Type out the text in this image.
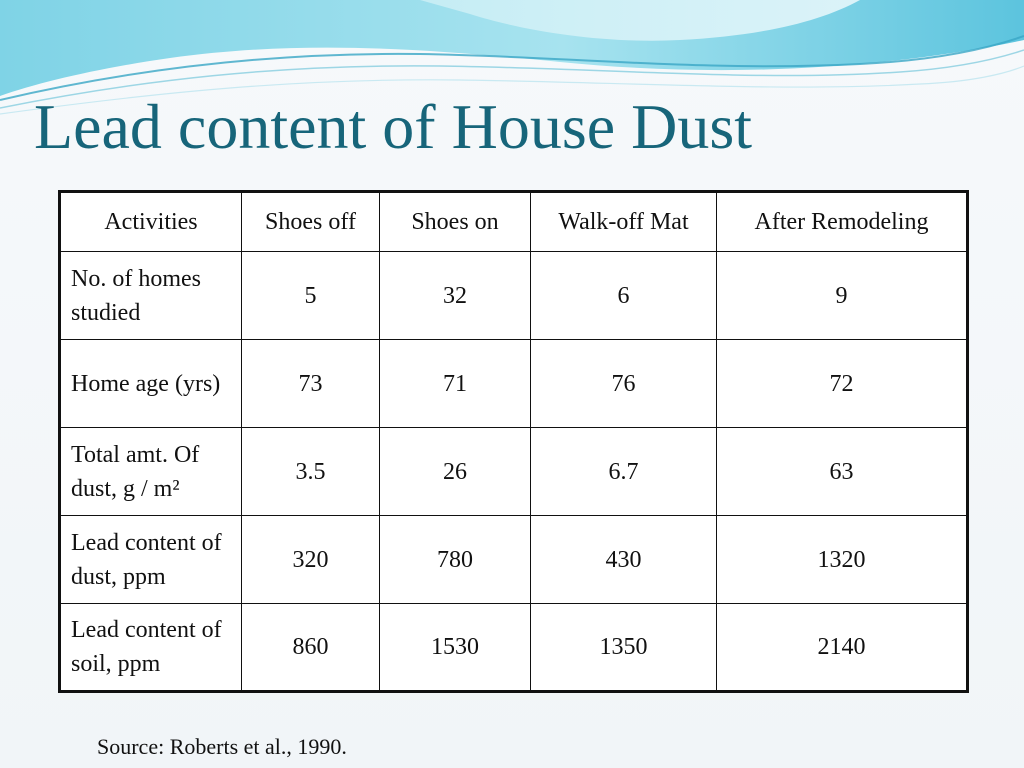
Lead content of House Dust
Activities	Shoes off	Shoes on	Walk-off Mat	After Remodeling
No. of homes studied	5	32	6	9
Home age (yrs)	73	71	76	72
Total amt. Of dust, g / m²	3.5	26	6.7	63
Lead content of dust, ppm	320	780	430	1320
Lead content of soil, ppm	860	1530	1350	2140

Source: Roberts et al., 1990.
